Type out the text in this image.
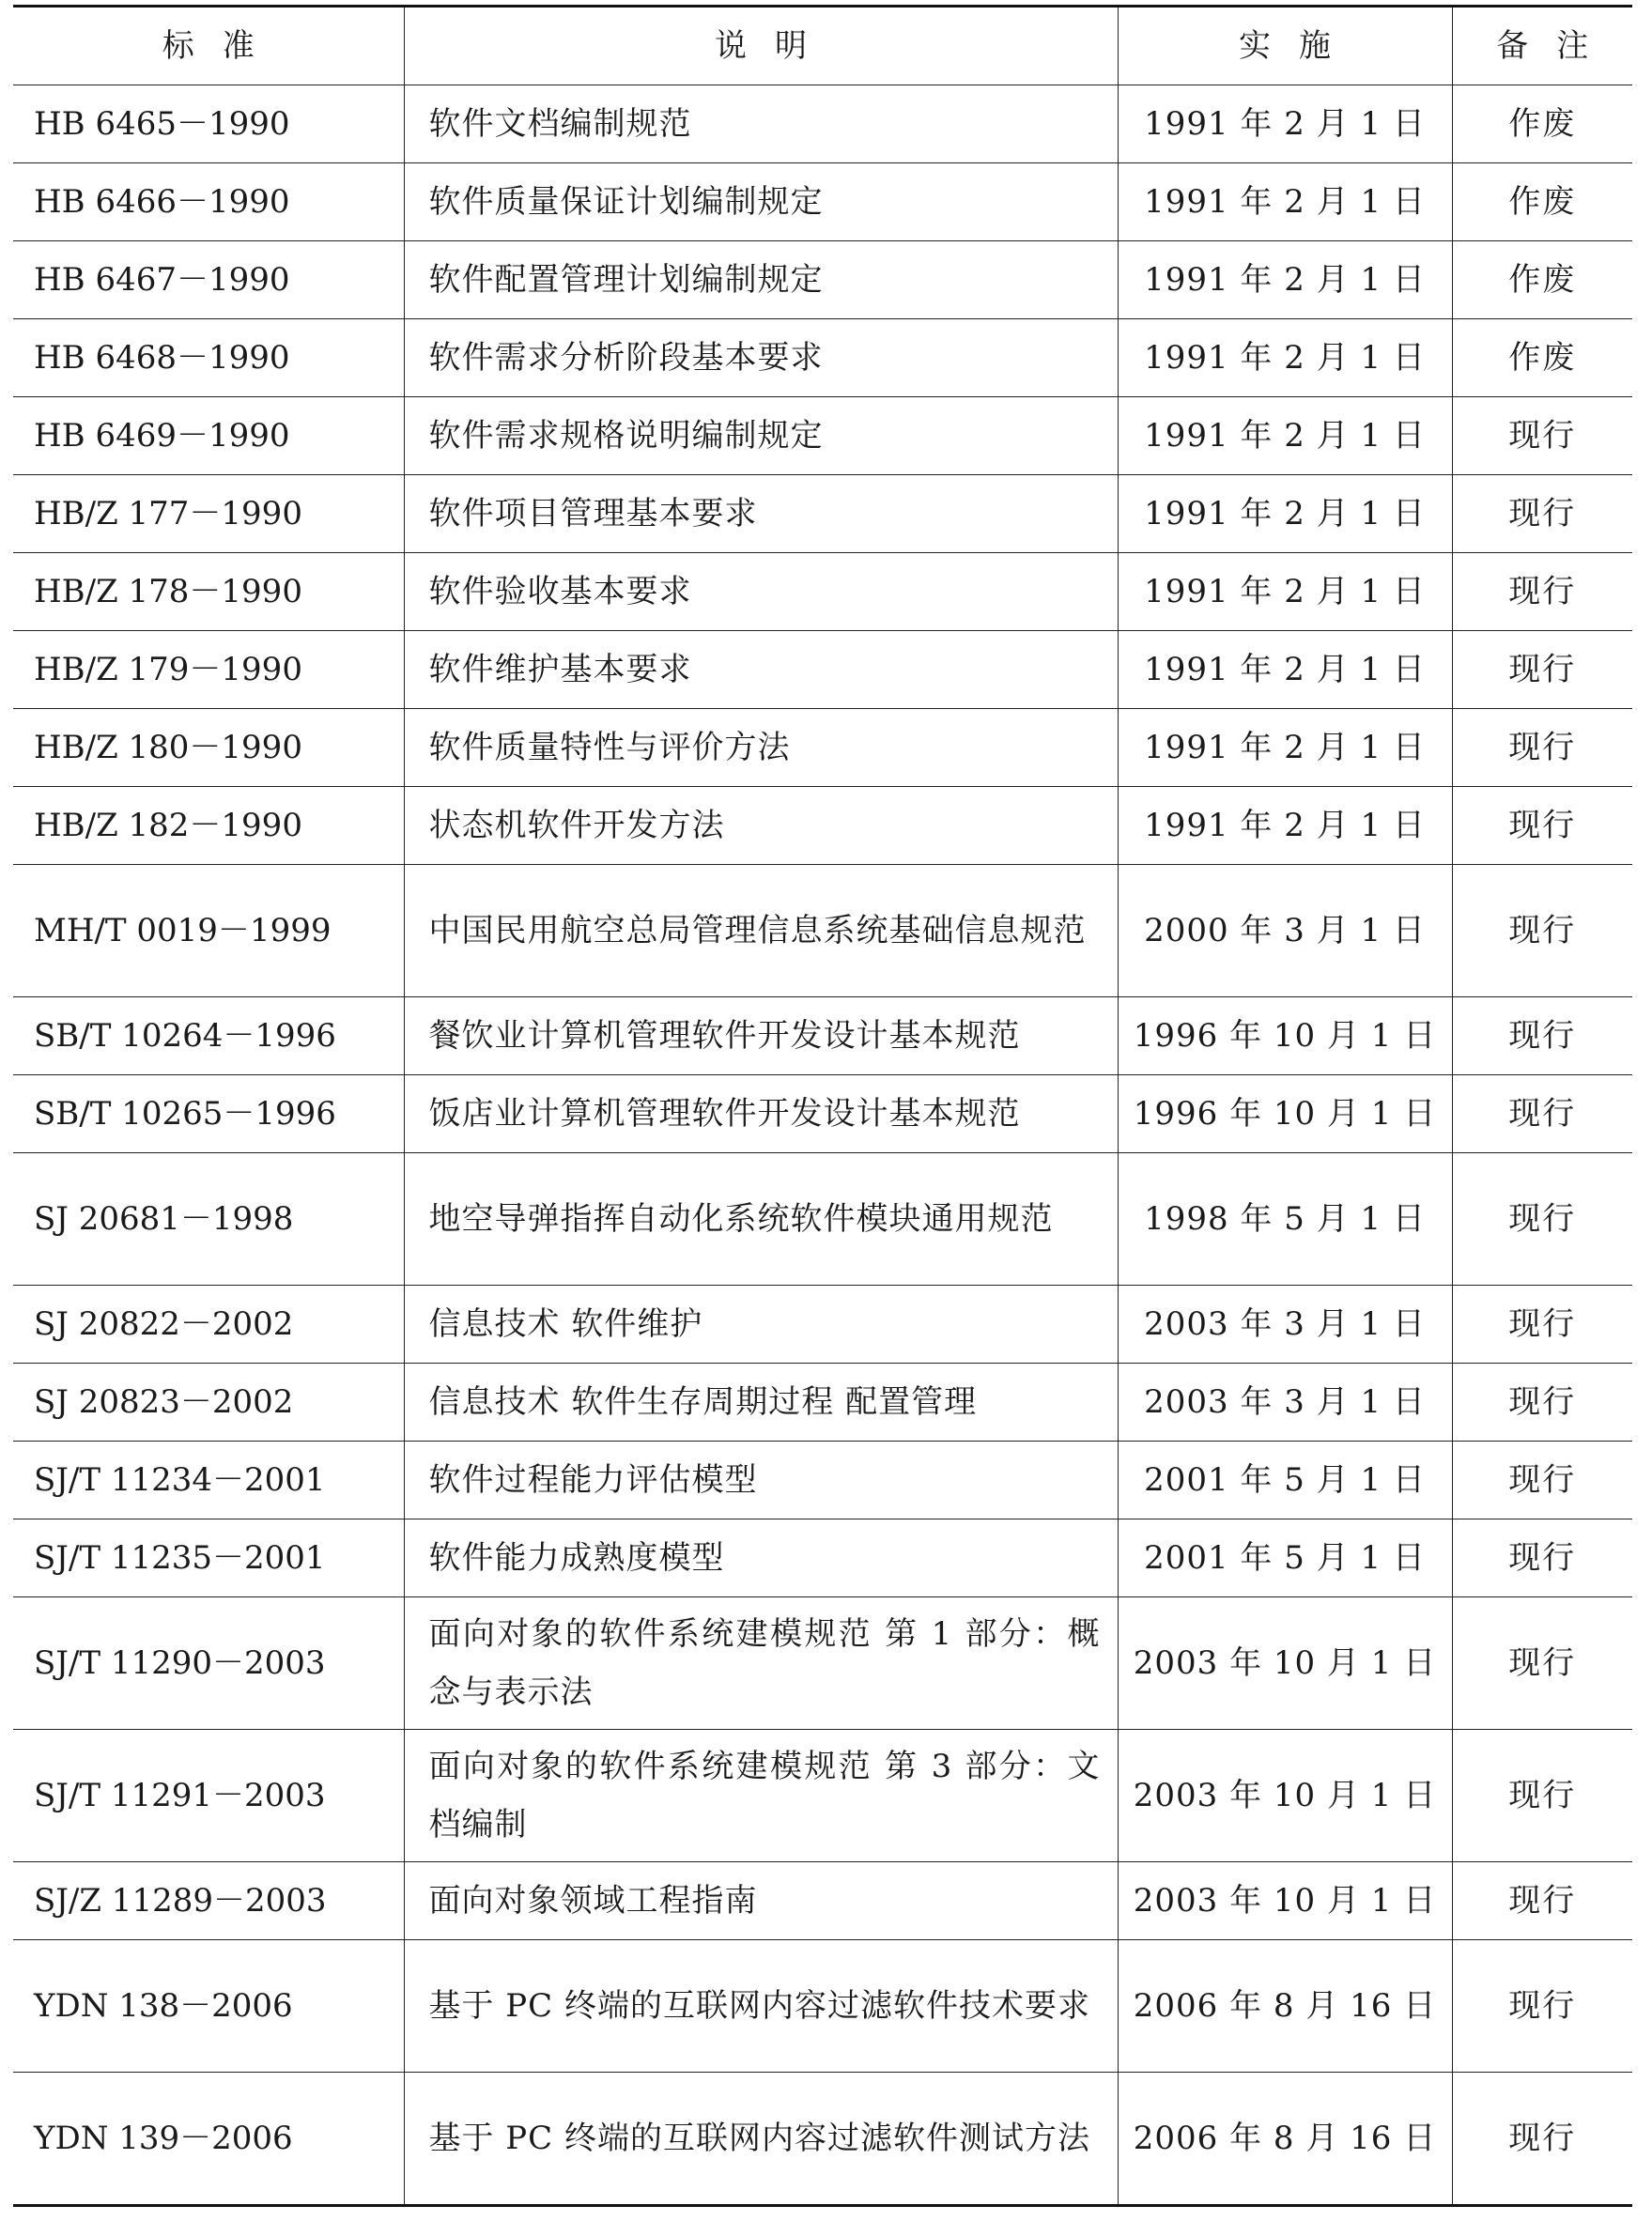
标准	说明	实施	备注
HB 6465－1990	软件文档编制规范	1991 年 2 月 1 日	作废
HB 6466－1990	软件质量保证计划编制规定	1991 年 2 月 1 日	作废
HB 6467－1990	软件配置管理计划编制规定	1991 年 2 月 1 日	作废
HB 6468－1990	软件需求分析阶段基本要求	1991 年 2 月 1 日	作废
HB 6469－1990	软件需求规格说明编制规定	1991 年 2 月 1 日	现行
HB/Z 177－1990	软件项目管理基本要求	1991 年 2 月 1 日	现行
HB/Z 178－1990	软件验收基本要求	1991 年 2 月 1 日	现行
HB/Z 179－1990	软件维护基本要求	1991 年 2 月 1 日	现行
HB/Z 180－1990	软件质量特性与评价方法	1991 年 2 月 1 日	现行
HB/Z 182－1990	状态机软件开发方法	1991 年 2 月 1 日	现行
MH/T 0019－1999	中国民用航空总局管理信息系统基础信息规范	2000 年 3 月 1 日	现行
SB/T 10264－1996	餐饮业计算机管理软件开发设计基本规范	1996 年 10 月 1 日	现行
SB/T 10265－1996	饭店业计算机管理软件开发设计基本规范	1996 年 10 月 1 日	现行
SJ 20681－1998	地空导弹指挥自动化系统软件模块通用规范	1998 年 5 月 1 日	现行
SJ 20822－2002	信息技术 软件维护	2003 年 3 月 1 日	现行
SJ 20823－2002	信息技术 软件生存周期过程 配置管理	2003 年 3 月 1 日	现行
SJ/T 11234－2001	软件过程能力评估模型	2001 年 5 月 1 日	现行
SJ/T 11235－2001	软件能力成熟度模型	2001 年 5 月 1 日	现行
SJ/T 11290－2003	面向对象的软件系统建模规范 第 1 部分：概念与表示法	2003 年 10 月 1 日	现行
SJ/T 11291－2003	面向对象的软件系统建模规范 第 3 部分：文档编制	2003 年 10 月 1 日	现行
SJ/Z 11289－2003	面向对象领域工程指南	2003 年 10 月 1 日	现行
YDN 138－2006	基于 PC 终端的互联网内容过滤软件技术要求	2006 年 8 月 16 日	现行
YDN 139－2006	基于 PC 终端的互联网内容过滤软件测试方法	2006 年 8 月 16 日	现行
